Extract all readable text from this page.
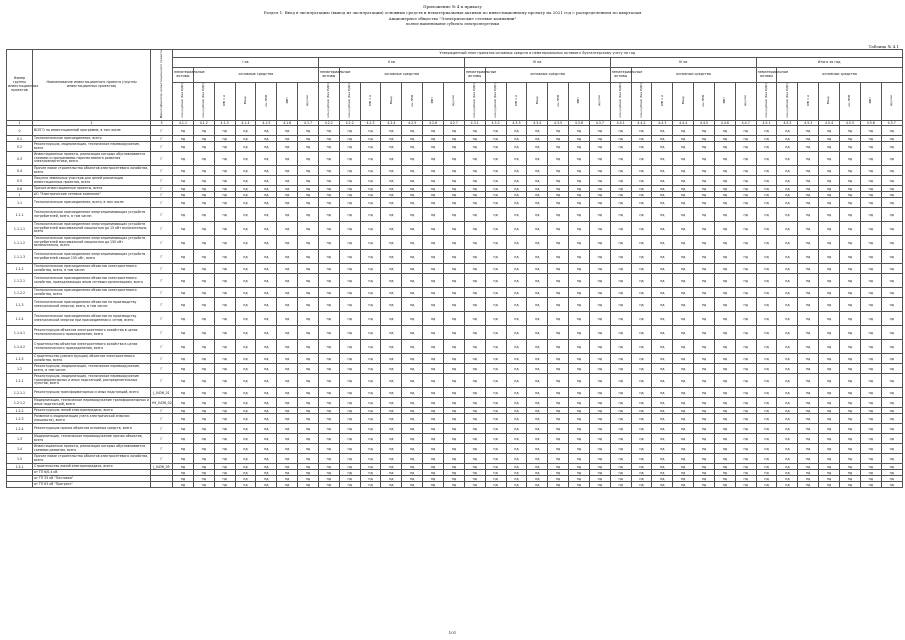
Приложение № 4 к приказу
Раздел 1. Ввод в эксплуатацию (вывод из эксплуатации) основных средств и нематериальных активов по инвестиционному проекту на 2021 год с распределением по кварталам
Акционерное общество "Электрические сетевые компании"
полное наименование субъекта электроэнергетики
Таблица № 4.1
Номер группы инвестиционных проектов	Наименование инвестиционного проекта (группы инвестиционных проектов)	Идентификатор инвестиционного проекта	Утвержденный план принятия основных средств и нематериальных активов к бухгалтерскому учету на год																																		
			I кв							II кв							III кв							IV кв							Итого за год						
			нематериальные активы	основные средства						нематериальные активы	основные средства						нематериальные активы	основные средства						нематериальные активы	основные средства						нематериальные активы	основные средства					
			млн рублей (без НДС)	млн рублей (без НДС)	МВ×А	Мвар	км ЛЭП	МВт	другое	млн рублей (без НДС)	млн рублей (без НДС)	МВ×А	Мвар	км ЛЭП	МВт	другое	млн рублей (без НДС)	млн рублей (без НДС)	МВ×А	Мвар	км ЛЭП	МВт	другое	млн рублей (без НДС)	млн рублей (без НДС)	МВ×А	Мвар	км ЛЭП	МВт	другое	млн рублей (без НДС)	млн рублей (без НДС)	МВ×А	Мвар	км ЛЭП	МВт	другое
1	2	3	4.1.1	4.1.2	4.1.3	4.1.4	4.1.5	4.1.6	4.1.7	4.2.1	4.2.2	4.2.3	4.2.4	4.2.5	4.2.6	4.2.7	4.3.1	4.3.2	4.3.3	4.3.4	4.3.5	4.3.6	4.3.7	4.4.1	4.4.2	4.4.3	4.4.4	4.4.5	4.4.6	4.4.7	4.5.1	4.5.2	4.5.3	4.5.4	4.5.5	4.5.6	4.5.7
0	ВСЕГО по инвестиционной программе, в том числе:	Г	нд	нд	нд	нд	нд	нд	нд	нд	нд	нд	нд	нд	нд	нд	нд	нд	нд	нд	нд	нд	нд	нд	нд	нд	нд	нд	нд	нд	нд	нд	нд	нд	нд	нд	нд
0.1	Технологическое присоединение, всего	Г	нд	нд	нд	нд	нд	нд	нд	нд	нд	нд	нд	нд	нд	нд	нд	нд	нд	нд	нд	нд	нд	нд	нд	нд	нд	нд	нд	нд	нд	нд	нд	нд	нд	нд	нд
0.2	Реконструкция, модернизация, техническое перевооружение, всего	Г	нд	нд	нд	нд	нд	нд	нд	нд	нд	нд	нд	нд	нд	нд	нд	нд	нд	нд	нд	нд	нд	нд	нд	нд	нд	нд	нд	нд	нд	нд	нд	нд	нд	нд	нд
0.3	Инвестиционные проекты, реализация которых обуславливается схемами и программами перспективного развития электроэнергетики, всего	Г	нд	нд	нд	нд	нд	нд	нд	нд	нд	нд	нд	нд	нд	нд	нд	нд	нд	нд	нд	нд	нд	нд	нд	нд	нд	нд	нд	нд	нд	нд	нд	нд	нд	нд	нд
0.4	Прочее новое строительство объектов электросетевого хозяйства, всего	Г	нд	нд	нд	нд	нд	нд	нд	нд	нд	нд	нд	нд	нд	нд	нд	нд	нд	нд	нд	нд	нд	нд	нд	нд	нд	нд	нд	нд	нд	нд	нд	нд	нд	нд	нд
0.5	Покупка земельных участков для целей реализации инвестиционных проектов, всего	Г	нд	нд	нд	нд	нд	нд	нд	нд	нд	нд	нд	нд	нд	нд	нд	нд	нд	нд	нд	нд	нд	нд	нд	нд	нд	нд	нд	нд	нд	нд	нд	нд	нд	нд	нд
0.6	Прочие инвестиционные проекты, всего	Г	нд	нд	нд	нд	нд	нд	нд	нд	нд	нд	нд	нд	нд	нд	нд	нд	нд	нд	нд	нд	нд	нд	нд	нд	нд	нд	нд	нд	нд	нд	нд	нд	нд	нд	нд
1	АО "Электрические сетевые компании"	Г	нд	нд	нд	нд	нд	нд	нд	нд	нд	нд	нд	нд	нд	нд	нд	нд	нд	нд	нд	нд	нд	нд	нд	нд	нд	нд	нд	нд	нд	нд	нд	нд	нд	нд	нд
1.1	Технологическое присоединение, всего, в том числе:	Г	нд	нд	нд	нд	нд	нд	нд	нд	нд	нд	нд	нд	нд	нд	нд	нд	нд	нд	нд	нд	нд	нд	нд	нд	нд	нд	нд	нд	нд	нд	нд	нд	нд	нд	нд
1.1.1	Технологическое присоединение энергопринимающих устройств потребителей, всего, в том числе:	Г	нд	нд	нд	нд	нд	нд	нд	нд	нд	нд	нд	нд	нд	нд	нд	нд	нд	нд	нд	нд	нд	нд	нд	нд	нд	нд	нд	нд	нд	нд	нд	нд	нд	нд	нд
1.1.1.1	Технологическое присоединение энергопринимающих устройств потребителей максимальной мощностью до 15 кВт включительно, всего	Г	нд	нд	нд	нд	нд	нд	нд	нд	нд	нд	нд	нд	нд	нд	нд	нд	нд	нд	нд	нд	нд	нд	нд	нд	нд	нд	нд	нд	нд	нд	нд	нд	нд	нд	нд
1.1.1.2	Технологическое присоединение энергопринимающих устройств потребителей максимальной мощностью до 150 кВт включительно, всего	Г	нд	нд	нд	нд	нд	нд	нд	нд	нд	нд	нд	нд	нд	нд	нд	нд	нд	нд	нд	нд	нд	нд	нд	нд	нд	нд	нд	нд	нд	нд	нд	нд	нд	нд	нд
1.1.1.3	Технологическое присоединение энергопринимающих устройств потребителей свыше 150 кВт, всего	Г	нд	нд	нд	нд	нд	нд	нд	нд	нд	нд	нд	нд	нд	нд	нд	нд	нд	нд	нд	нд	нд	нд	нд	нд	нд	нд	нд	нд	нд	нд	нд	нд	нд	нд	нд
1.1.2	Технологическое присоединение объектов электросетевого хозяйства, всего, в том числе:	Г	нд	нд	нд	нд	нд	нд	нд	нд	нд	нд	нд	нд	нд	нд	нд	нд	нд	нд	нд	нд	нд	нд	нд	нд	нд	нд	нд	нд	нд	нд	нд	нд	нд	нд	нд
1.1.2.1	Технологическое присоединение объектов электросетевого хозяйства, принадлежащих иным сетевым организациям, всего	Г	нд	нд	нд	нд	нд	нд	нд	нд	нд	нд	нд	нд	нд	нд	нд	нд	нд	нд	нд	нд	нд	нд	нд	нд	нд	нд	нд	нд	нд	нд	нд	нд	нд	нд	нд
1.1.2.2	Технологическое присоединение объектов электросетевого хозяйства, всего	Г	нд	нд	нд	нд	нд	нд	нд	нд	нд	нд	нд	нд	нд	нд	нд	нд	нд	нд	нд	нд	нд	нд	нд	нд	нд	нд	нд	нд	нд	нд	нд	нд	нд	нд	нд
1.1.3	Технологическое присоединение объектов по производству электрической энергии, всего, в том числе:	Г	нд	нд	нд	нд	нд	нд	нд	нд	нд	нд	нд	нд	нд	нд	нд	нд	нд	нд	нд	нд	нд	нд	нд	нд	нд	нд	нд	нд	нд	нд	нд	нд	нд	нд	нд
1.1.4	Технологическое присоединение объектов по производству электрической энергии при присоединении к сетям, всего	Г	нд	нд	нд	нд	нд	нд	нд	нд	нд	нд	нд	нд	нд	нд	нд	нд	нд	нд	нд	нд	нд	нд	нд	нд	нд	нд	нд	нд	нд	нд	нд	нд	нд	нд	нд
1.1.4.1	Реконструкция объектов электросетевого хозяйства в целях технологического присоединения, всего	Г	нд	нд	нд	нд	нд	нд	нд	нд	нд	нд	нд	нд	нд	нд	нд	нд	нд	нд	нд	нд	нд	нд	нд	нд	нд	нд	нд	нд	нд	нд	нд	нд	нд	нд	нд
1.1.4.2	Строительство объектов электросетевого хозяйства в целях технологического присоединения, всего	Г	нд	нд	нд	нд	нд	нд	нд	нд	нд	нд	нд	нд	нд	нд	нд	нд	нд	нд	нд	нд	нд	нд	нд	нд	нд	нд	нд	нд	нд	нд	нд	нд	нд	нд	нд
1.1.5	Строительство (реконструкция) объектов электросетевого хозяйства, всего	Г	нд	нд	нд	нд	нд	нд	нд	нд	нд	нд	нд	нд	нд	нд	нд	нд	нд	нд	нд	нд	нд	нд	нд	нд	нд	нд	нд	нд	нд	нд	нд	нд	нд	нд	нд
1.2	Реконструкция, модернизация, техническое перевооружение, всего, в том числе:	Г	нд	нд	нд	нд	нд	нд	нд	нд	нд	нд	нд	нд	нд	нд	нд	нд	нд	нд	нд	нд	нд	нд	нд	нд	нд	нд	нд	нд	нд	нд	нд	нд	нд	нд	нд
1.2.1	Реконструкция, модернизация, техническое перевооружение трансформаторных и иных подстанций, распределительных пунктов, всего	Г	нд	нд	нд	нд	нд	нд	нд	нд	нд	нд	нд	нд	нд	нд	нд	нд	нд	нд	нд	нд	нд	нд	нд	нд	нд	нд	нд	нд	нд	нд	нд	нд	нд	нд	нд
1.2.1.1	Реконструкция трансформаторных и иных подстанций, всего	J_0436_01	нд	нд	нд	нд	нд	нд	нд	нд	нд	нд	нд	нд	нд	нд	нд	нд	нд	нд	нд	нд	нд	нд	нд	нд	нд	нд	нд	нд	нд	нд	нд	нд	нд	нд	нд
1.2.1.2	Модернизация, техническое перевооружение трансформаторных и иных подстанций, всего	НУ_0436_02	нд	нд	нд	нд	нд	нд	нд	нд	нд	нд	нд	нд	нд	нд	нд	нд	нд	нд	нд	нд	нд	нд	нд	нд	нд	нд	нд	нд	нд	нд	нд	нд	нд	нд	нд
1.2.2	Реконструкция линий электропередачи, всего	Г	нд	нд	нд	нд	нд	нд	нд	нд	нд	нд	нд	нд	нд	нд	нд	нд	нд	нд	нд	нд	нд	нд	нд	нд	нд	нд	нд	нд	нд	нд	нд	нд	нд	нд	нд
1.2.3	Развитие и модернизация учета электрической энергии (мощности), всего	Г	нд	нд	нд	нд	нд	нд	нд	нд	нд	нд	нд	нд	нд	нд	нд	нд	нд	нд	нд	нд	нд	нд	нд	нд	нд	нд	нд	нд	нд	нд	нд	нд	нд	нд	нд
1.2.4	Реконструкция прочих объектов основных средств, всего	Г	нд	нд	нд	нд	нд	нд	нд	нд	нд	нд	нд	нд	нд	нд	нд	нд	нд	нд	нд	нд	нд	нд	нд	нд	нд	нд	нд	нд	нд	нд	нд	нд	нд	нд	нд
1.3	Модернизация, техническое перевооружение прочих объектов, всего	Г	нд	нд	нд	нд	нд	нд	нд	нд	нд	нд	нд	нд	нд	нд	нд	нд	нд	нд	нд	нд	нд	нд	нд	нд	нд	нд	нд	нд	нд	нд	нд	нд	нд	нд	нд
1.4	Инвестиционные проекты, реализация которых обуславливается схемами развития, всего	Г	нд	нд	нд	нд	нд	нд	нд	нд	нд	нд	нд	нд	нд	нд	нд	нд	нд	нд	нд	нд	нд	нд	нд	нд	нд	нд	нд	нд	нд	нд	нд	нд	нд	нд	нд
1.5	Прочее новое строительство объектов электросетевого хозяйства, всего	Г	нд	нд	нд	нд	нд	нд	нд	нд	нд	нд	нд	нд	нд	нд	нд	нд	нд	нд	нд	нд	нд	нд	нд	нд	нд	нд	нд	нд	нд	нд	нд	нд	нд	нд	нд
1.5.1	Строительство линий электропередачи, всего	J_0436_05	нд	нд	нд	нд	нд	нд	нд	нд	нд	нд	нд	нд	нд	нд	нд	нд	нд	нд	нд	нд	нд	нд	нд	нд	нд	нд	нд	нд	нд	нд	нд	нд	нд	нд	нд
	от ТП 6/0,4 кВ		нд	нд	нд	нд	нд	нд	нд	нд	нд	нд	нд	нд	нд	нд	нд	нд	нд	нд	нд	нд	нд	нд	нд	нд	нд	нд	нд	нд	нд	нд	нд	нд	нд	нд	нд
	от ТП 35 кВ "Почтовая"		нд	нд	нд	нд	нд	нд	нд	нд	нд	нд	нд	нд	нд	нд	нд	нд	нд	нд	нд	нд	нд	нд	нд	нд	нд	нд	нд	нд	нд	нд	нд	нд	нд	нд	нд
	от ТП 63 кВ "Прогресс"		нд	нд	нд	нд	нд	нд	нд	нд	нд	нд	нд	нд	нд	нд	нд	нд	нд	нд	нд	нд	нд	нд	нд	нд	нд	нд	нд	нд	нд	нд	нд	нд	нд	нд	нд
101
